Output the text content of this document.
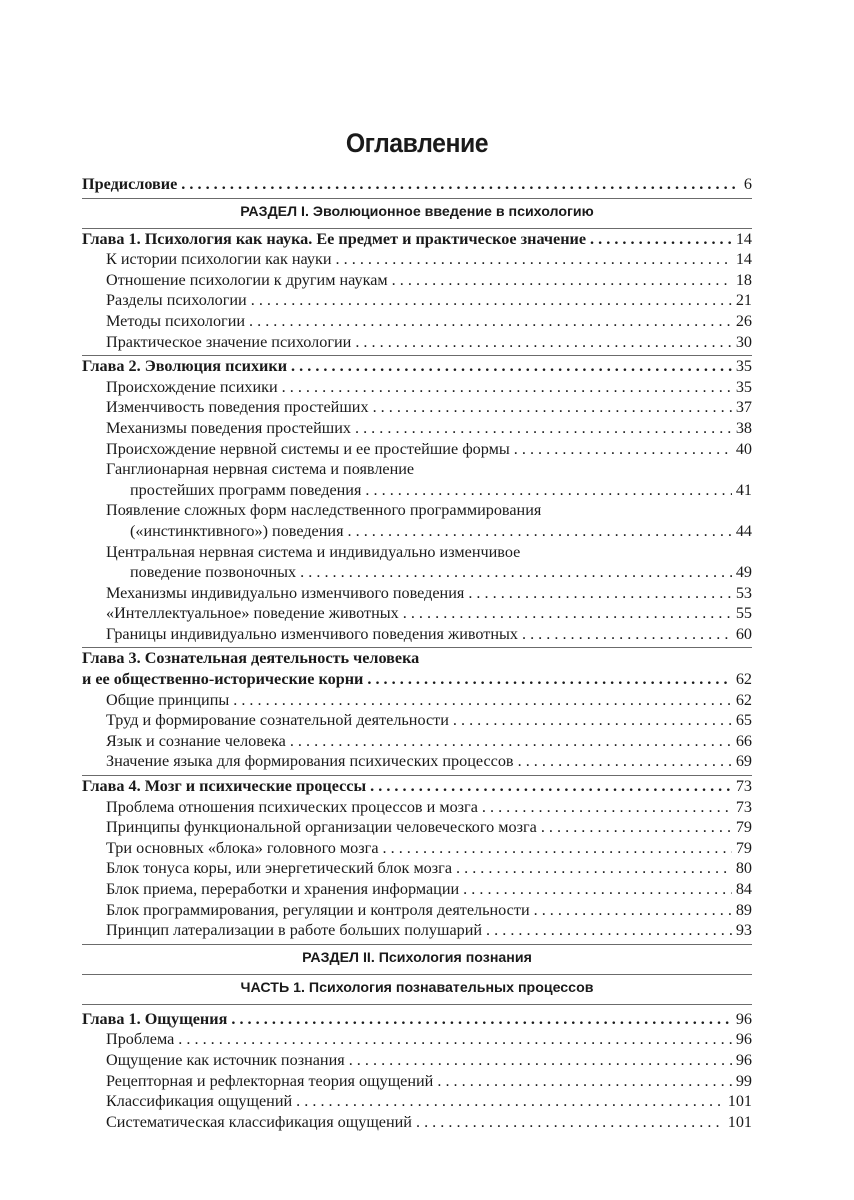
Оглавление
Предисловие . . .	6
РАЗДЕЛ I. Эволюционное введение в психологию
Глава 1. Психология как наука. Ее предмет и практическое значение . . .	14
К истории психологии как науки . . .	14
Отношение психологии к другим наукам . . .	18
Разделы психологии . . .	21
Методы психологии . . .	26
Практическое значение психологии . . .	30
Глава 2. Эволюция психики . . .	35
Происхождение психики . . .	35
Изменчивость поведения простейших . . .	37
Механизмы поведения простейших . . .	38
Происхождение нервной системы и ее простейшие формы . . .	40
Ганглионарная нервная система и появление
простейших программ поведения . . .	41
Появление сложных форм наследственного программирования
(«инстинктивного») поведения . . .	44
Центральная нервная система и индивидуально изменчивое
поведение позвоночных . . .	49
Механизмы индивидуально изменчивого поведения . . .	53
«Интеллектуальное» поведение животных . . .	55
Границы индивидуально изменчивого поведения животных . . .	60
Глава 3. Сознательная деятельность человека
и ее общественно-исторические корни . . .	62
Общие принципы . . .	62
Труд и формирование сознательной деятельности . . .	65
Язык и сознание человека . . .	66
Значение языка для формирования психических процессов . . .	69
Глава 4. Мозг и психические процессы . . .	73
Проблема отношения психических процессов и мозга . . .	73
Принципы функциональной организации человеческого мозга . . .	79
Три основных «блока» головного мозга . . .	79
Блок тонуса коры, или энергетический блок мозга . . .	80
Блок приема, переработки и хранения информации . . .	84
Блок программирования, регуляции и контроля деятельности . . .	89
Принцип латерализации в работе больших полушарий . . .	93
РАЗДЕЛ II. Психология познания
ЧАСТЬ 1. Психология познавательных процессов
Глава 1. Ощущения . . .	96
Проблема . . .	96
Ощущение как источник познания . . .	96
Рецепторная и рефлекторная теория ощущений . . .	99
Классификация ощущений . . .	101
Систематическая классификация ощущений . . .	101
